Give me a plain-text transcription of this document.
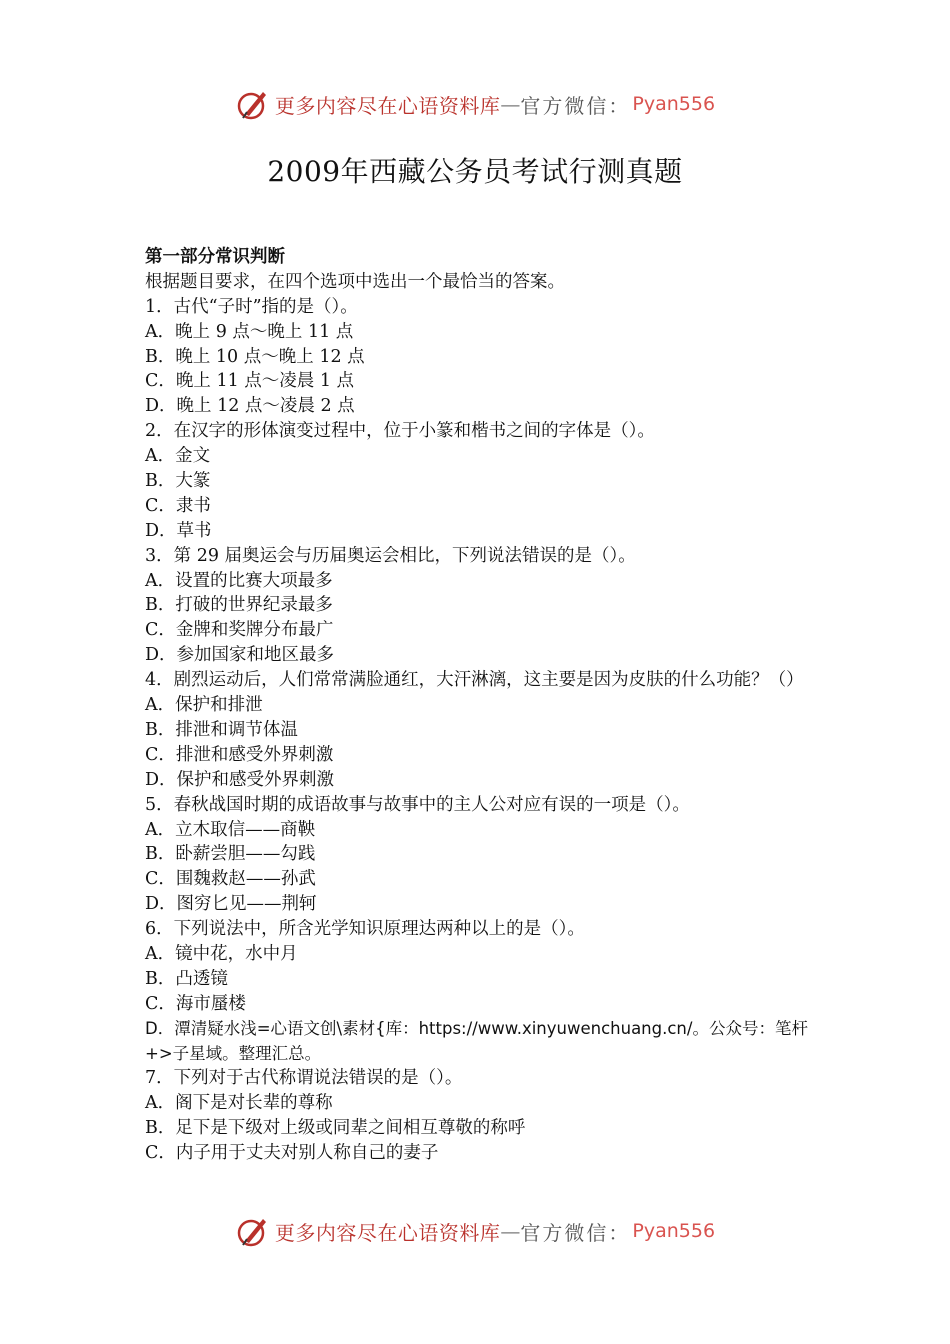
更多内容尽在心语资料库 — 官方微信： Pyan556
2009年西藏公务员考试行测真题
第一部分常识判断
根据题目要求，在四个选项中选出一个最恰当的答案。
1．古代“子时”指的是（）。
A．晚上 9 点～晚上 11 点
B．晚上 10 点～晚上 12 点
C．晚上 11 点～凌晨 1 点
D．晚上 12 点～凌晨 2 点
2．在汉字的形体演变过程中，位于小篆和楷书之间的字体是（）。
A．金文
B．大篆
C．隶书
D．草书
3．第 29 届奥运会与历届奥运会相比，下列说法错误的是（）。
A．设置的比赛大项最多
B．打破的世界纪录最多
C．金牌和奖牌分布最广
D．参加国家和地区最多
4．剧烈运动后，人们常常满脸通红，大汗淋漓，这主要是因为皮肤的什么功能？（）
A．保护和排泄
B．排泄和调节体温
C．排泄和感受外界刺激
D．保护和感受外界刺激
5．春秋战国时期的成语故事与故事中的主人公对应有误的一项是（）。
A．立木取信——商鞅
B．卧薪尝胆——勾践
C．围魏救赵——孙武
D．图穷匕见——荆轲
6．下列说法中，所含光学知识原理达两种以上的是（）。
A．镜中花，水中月
B．凸透镜
C．海市蜃楼
D．潭清疑水浅=心语文创\素材{库：https://www.xinyuwenchuang.cn/。公众号：笔杆+>子星域。整理汇总。
7．下列对于古代称谓说法错误的是（）。
A．阁下是对长辈的尊称
B．足下是下级对上级或同辈之间相互尊敬的称呼
C．内子用于丈夫对别人称自己的妻子
更多内容尽在心语资料库 — 官方微信： Pyan556
